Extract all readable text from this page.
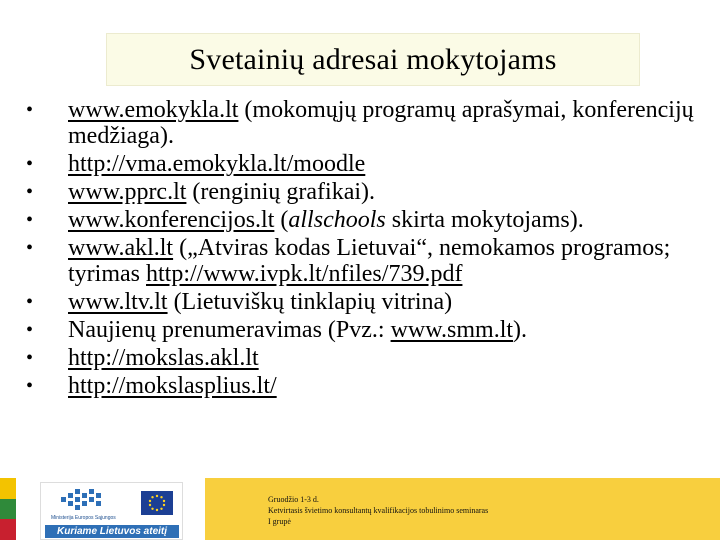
Svetainių adresai mokytojams
•	www.emokykla.lt (mokomųjų programų aprašymai, konferencijų medžiaga).
•	http://vma.emokykla.lt/moodle
•	www.pprc.lt (renginių grafikai).
•	www.konferencijos.lt (allschools skirta mokytojams).
•	www.akl.lt („Atviras kodas Lietuvai“, nemokamos programos; tyrimas http://www.ivpk.lt/nfiles/739.pdf
•	www.ltv.lt (Lietuviškų tinklapių vitrina)
•	Naujienų prenumeravimas (Pvz.: www.smm.lt).
•	http://mokslas.akl.lt
•	http://mokslasplius.lt/
Ministerija Europos Sąjungos
Kuriame Lietuvos ateitį
Gruodžio 1-3 d.
Ketvirtasis švietimo konsultantų kvalifikacijos tobulinimo seminaras
I grupė
